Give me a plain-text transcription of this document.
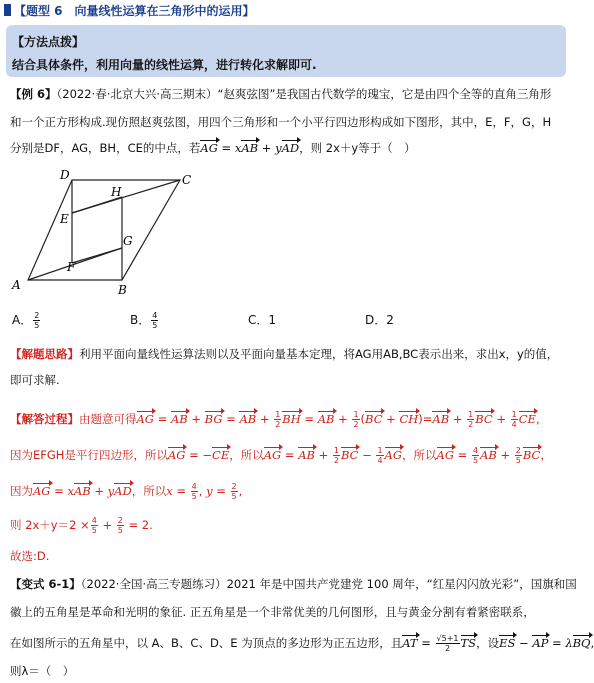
【题型 6　向量线性运算在三角形中的运用】
【方法点拨】
结合具体条件，利用向量的线性运算，进行转化求解即可.
【例 6】（2022·春·北京大兴·高三期末）“赵爽弦图”是我国古代数学的瑰宝，它是由四个全等的直角三角形
和一个正方形构成.现仿照赵爽弦图，用四个三角形和一个小平行四边形构成如下图形，其中，E，F，G，H
分别是DF，AG，BH，CE的中点，若AG = xAB + yAD，则 2x＋y等于（　）
A	B
C
D
E
F
G
H
A． $\frac{2}{5}$	B． $\frac{4}{5}$	C．1	D．2
【解题思路】利用平面向量线性运算法则以及平面向量基本定理，将AG用AB,BC表示出来，求出x，y的值，
即可求解.
【解答过程】由题意可得AG = AB + BG = AB + $\frac{1}{2}$ BH = AB + $\frac{1}{2} (BC + CH)=AB + \frac{1}{2}$ BC + $\frac{1}{4}$ CE,
因为EFGH是平行四边形，所以AG = −CE，所以AG = AB + $\frac{1}{2}$ BC − $\frac{1}{4}$ AG，所以AG = $\frac{4}{5}$ AB + $\frac{2}{5}$ BC，
因为AG = xAB + yAD，所以$x = \frac{4}{5}$ , $y = \frac{2}{5}$ ,
则 $2x+y=2 \times \frac{4}{5} + \frac{2}{5} = 2$.
故选:D.
【变式 6-1】（2022·全国·高三专题练习）2021 年是中国共产党建党 100 周年，“红星闪闪放光彩”，国旗和国
徽上的五角星是革命和光明的象征. 正五角星是一个非常优美的几何图形，且与黄金分割有着紧密联系，
在如图所示的五角星中，以 A、B、C、D、E 为顶点的多边形为正五边形，且AT = $\frac{√5+1}{2}$ TS，设ES − AP = λBQ,
则λ＝（　）
